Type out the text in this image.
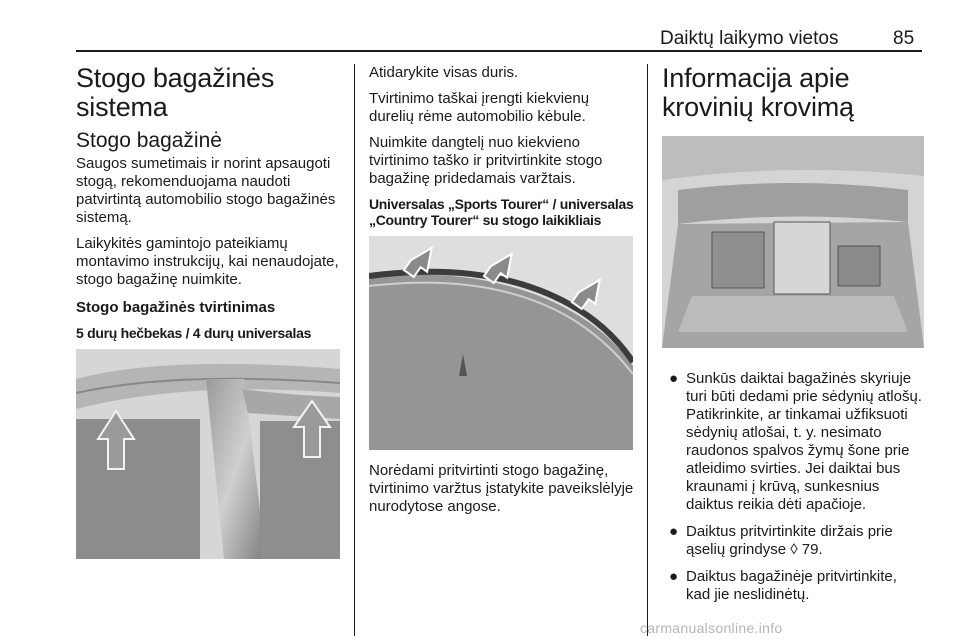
Daiktų laikymo vietos	85
Stogo bagažinės sistema
Stogo bagažinė

Saugos sumetimais ir norint apsaugoti stogą, rekomenduojama naudoti patvirtintą automobilio stogo bagažinės sistemą.

Laikykitės gamintojo pateikiamų montavimo instrukcijų, kai nenaudojate, stogo bagažinę nuimkite.

Stogo bagažinės tvirtinimas
5 durų hečbekas / 4 durų universalas

Atidarykite visas duris.

Tvirtinimo taškai įrengti kiekvienų durelių rėme automobilio kėbule.

Nuimkite dangtelį nuo kiekvieno tvirtinimo taško ir pritvirtinkite stogo bagažinę pridedamais varžtais.

Universalas „Sports Tourer“ / universalas „Country Tourer“ su stogo laikikliais

Norėdami pritvirtinti stogo bagažinę, tvirtinimo varžtus įstatykite paveikslėlyje nurodytose angose.

Informacija apie krovinių krovimą
● Sunkūs daiktai bagažinės skyriuje turi būti dedami prie sėdynių atlošų. Patikrinkite, ar tinkamai užfiksuoti sėdynių atlošai, t. y. nesimato raudonos spalvos žymų šone prie atleidimo svirties. Jei daiktai bus kraunami į krūvą, sunkesnius daiktus reikia dėti apačioje.
● Daiktus pritvirtinkite diržais prie ąselių grindyse ◊ 79.
● Daiktus bagažinėje pritvirtinkite, kad jie neslidinėtų.
carmanualsonline.info
